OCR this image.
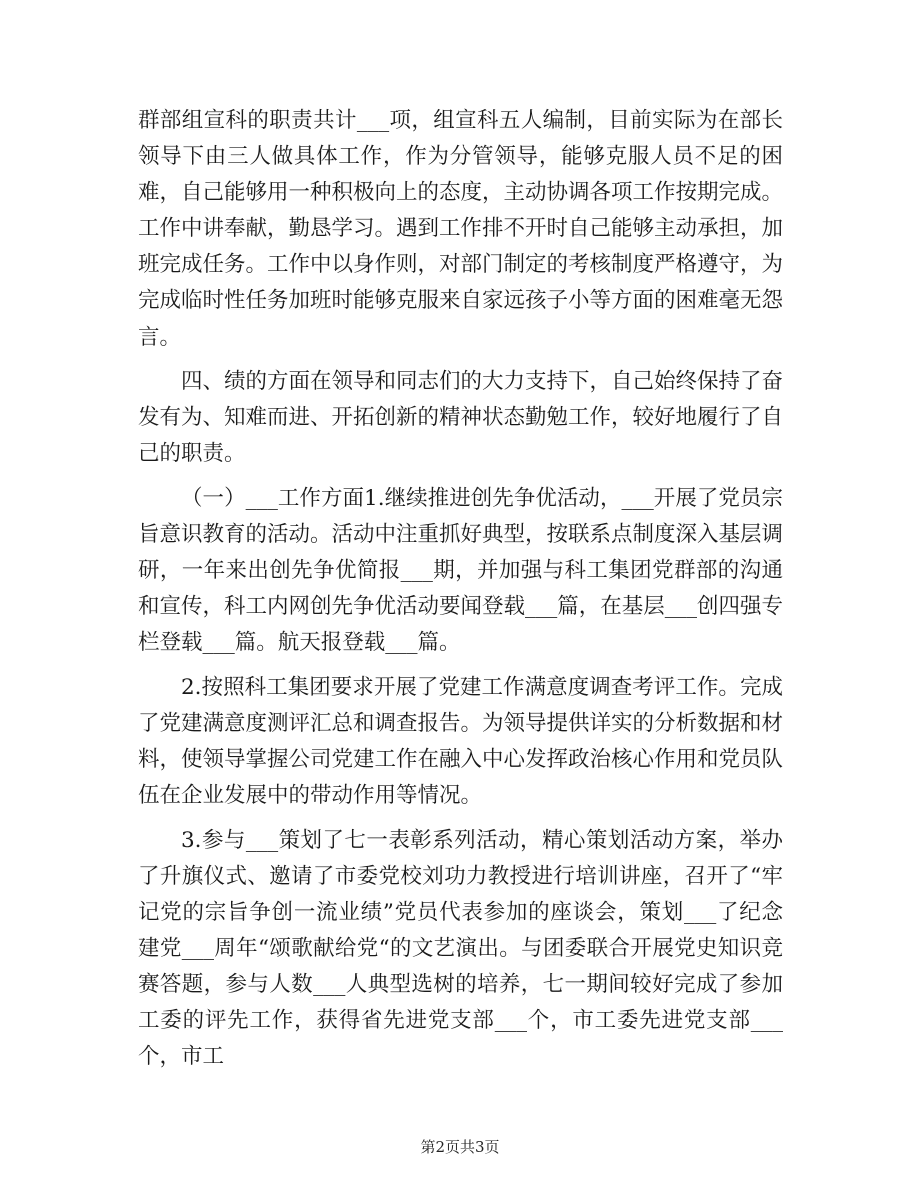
群部组宣科的职责共计___项，组宣科五人编制，目前实际为在部长领导下由三人做具体工作，作为分管领导，能够克服人员不足的困难，自己能够用一种积极向上的态度，主动协调各项工作按期完成。工作中讲奉献，勤恳学习。遇到工作排不开时自己能够主动承担，加班完成任务。工作中以身作则，对部门制定的考核制度严格遵守，为完成临时性任务加班时能够克服来自家远孩子小等方面的困难毫无怨言。

四、绩的方面在领导和同志们的大力支持下，自己始终保持了奋发有为、知难而进、开拓创新的精神状态勤勉工作，较好地履行了自己的职责。

（一）___工作方面1.继续推进创先争优活动，___开展了党员宗旨意识教育的活动。活动中注重抓好典型，按联系点制度深入基层调研，一年来出创先争优简报___期，并加强与科工集团党群部的沟通和宣传，科工内网创先争优活动要闻登载___篇，在基层___创四强专栏登载___篇。航天报登载___篇。

2.按照科工集团要求开展了党建工作满意度调查考评工作。完成了党建满意度测评汇总和调查报告。为领导提供详实的分析数据和材料，使领导掌握公司党建工作在融入中心发挥政治核心作用和党员队伍在企业发展中的带动作用等情况。

3.参与___策划了七一表彰系列活动，精心策划活动方案，举办了升旗仪式、邀请了市委党校刘功力教授进行培训讲座，召开了“牢记党的宗旨争创一流业绩”党员代表参加的座谈会，策划___了纪念建党___周年“颂歌献给党“的文艺演出。与团委联合开展党史知识竞赛答题，参与人数___人典型选树的培养，七一期间较好完成了参加工委的评先工作，获得省先进党支部___个，市工委先进党支部___个，市工

第2页共3页
